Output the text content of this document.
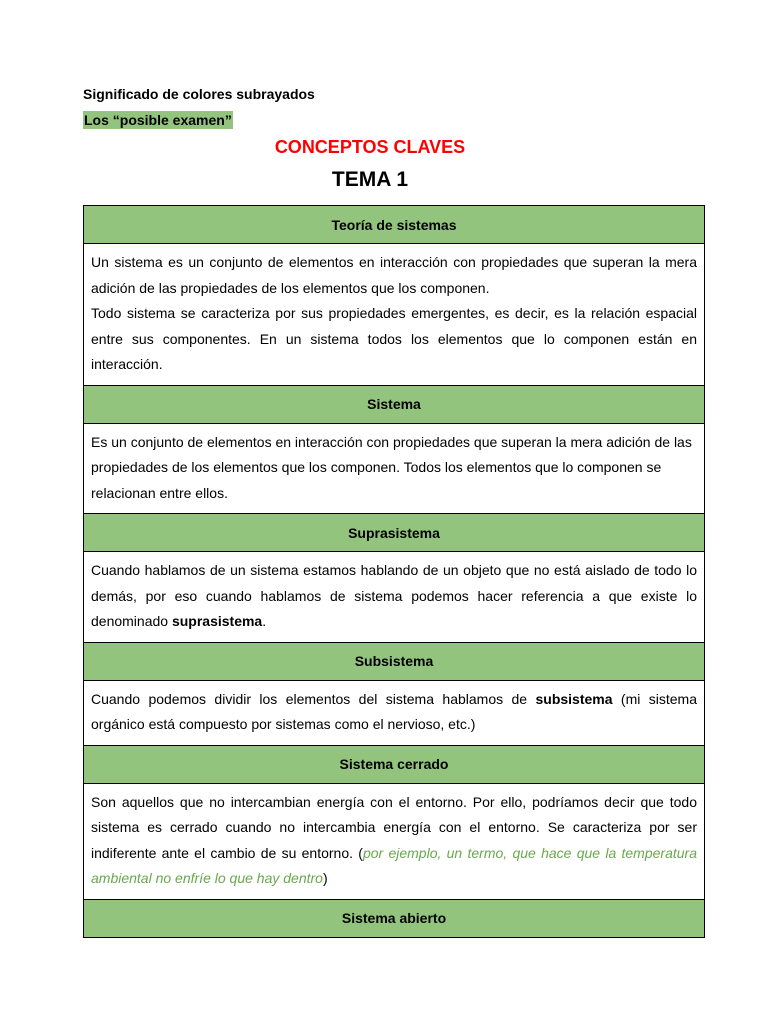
Significado de colores subrayados
Los “posible examen”
CONCEPTOS CLAVES
TEMA 1
Teoría de sistemas

Un sistema es un conjunto de elementos en interacción con propiedades que superan la mera adición de las propiedades de los elementos que los componen.

Todo sistema se caracteriza por sus propiedades emergentes, es decir, es la relación espacial entre sus componentes. En un sistema todos los elementos que lo componen están en interacción.

Sistema

Es un conjunto de elementos en interacción con propiedades que superan la mera adición de las propiedades de los elementos que los componen. Todos los elementos que lo componen se relacionan entre ellos.

Suprasistema

Cuando hablamos de un sistema estamos hablando de un objeto que no está aislado de todo lo demás, por eso cuando hablamos de sistema podemos hacer referencia a que existe lo denominado suprasistema.

Subsistema

Cuando podemos dividir los elementos del sistema hablamos de subsistema (mi sistema orgánico está compuesto por sistemas como el nervioso, etc.)

Sistema cerrado

Son aquellos que no intercambian energía con el entorno. Por ello, podríamos decir que todo sistema es cerrado cuando no intercambia energía con el entorno. Se caracteriza por ser indiferente ante el cambio de su entorno. (por ejemplo, un termo, que hace que la temperatura ambiental no enfríe lo que hay dentro)

Sistema abierto
